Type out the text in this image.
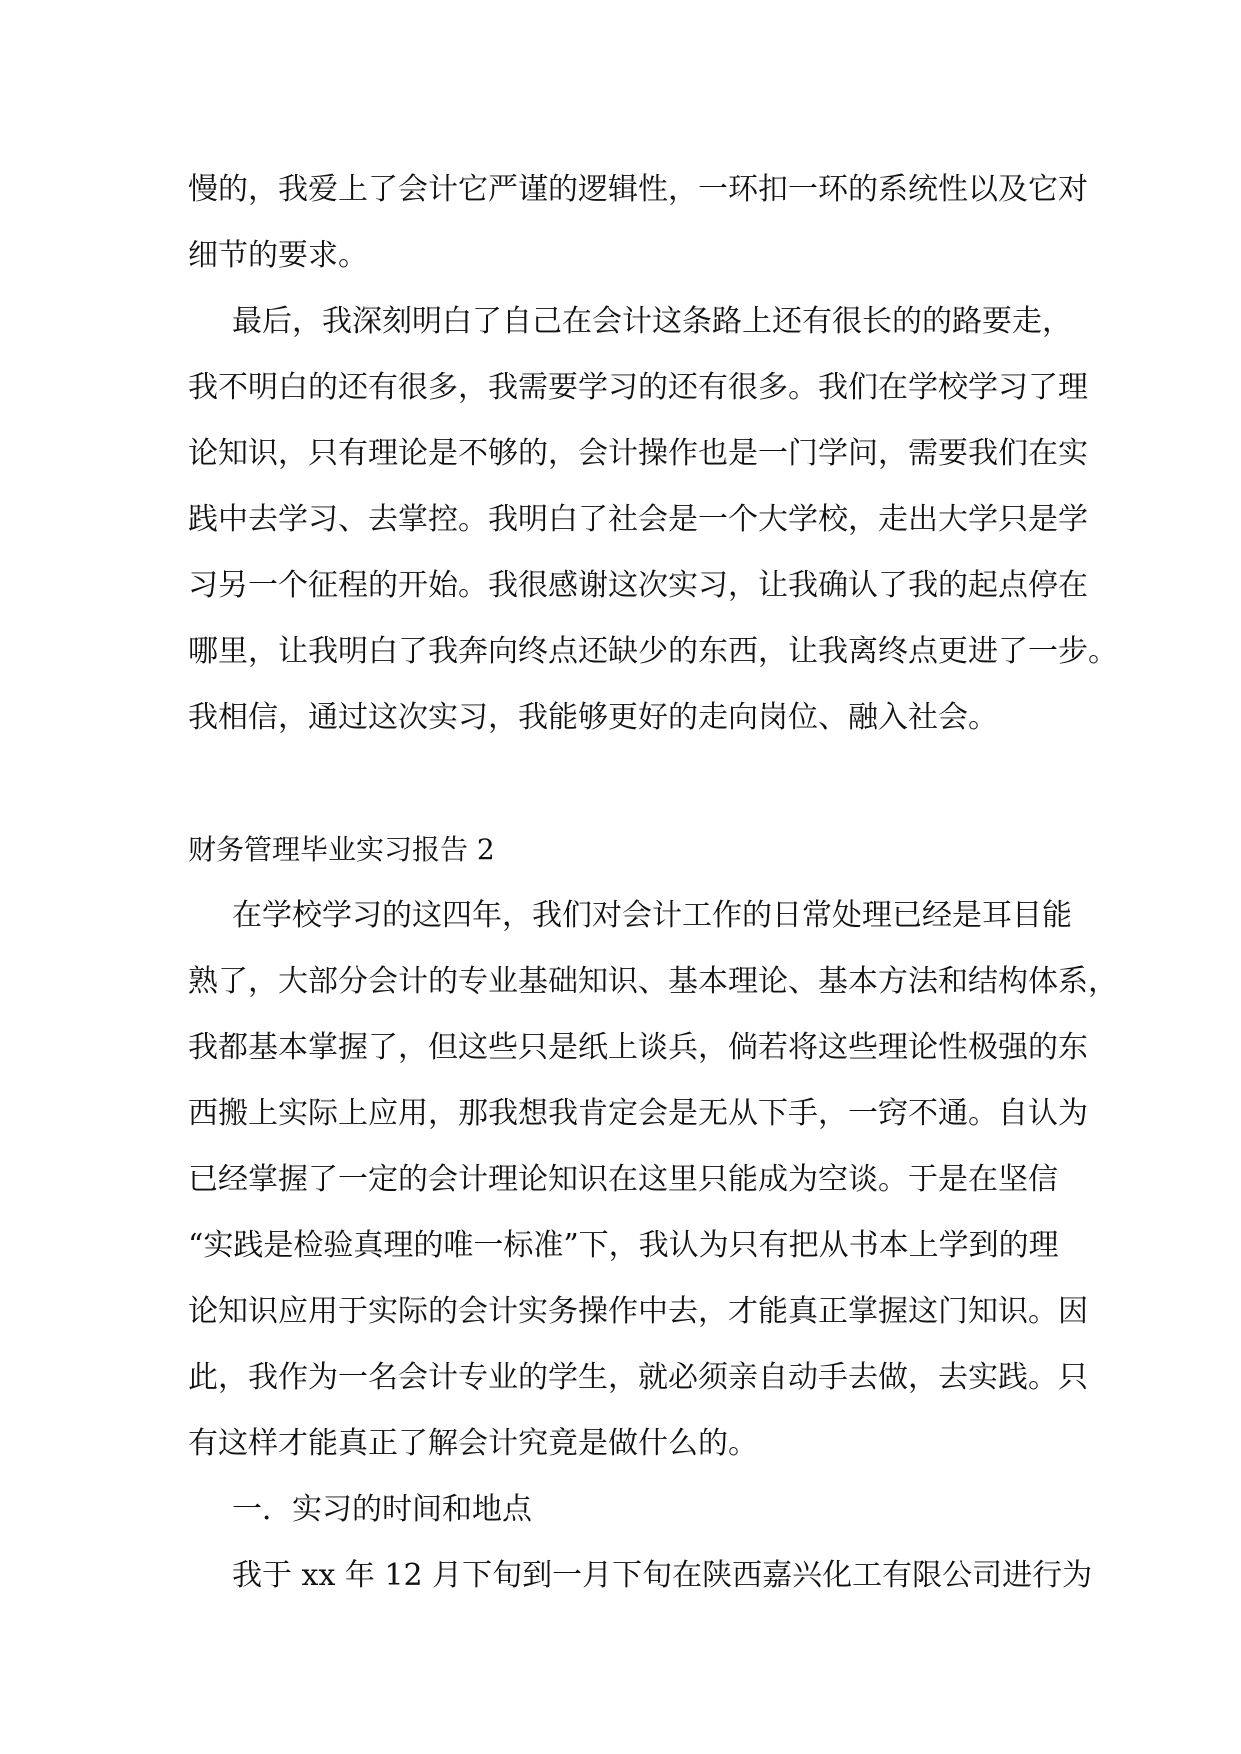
慢的，我爱上了会计它严谨的逻辑性，一环扣一环的系统性以及它对
细节的要求。
最后，我深刻明白了自己在会计这条路上还有很长的的路要走，
我不明白的还有很多，我需要学习的还有很多。我们在学校学习了理
论知识，只有理论是不够的，会计操作也是一门学问，需要我们在实
践中去学习、去掌控。我明白了社会是一个大学校，走出大学只是学
习另一个征程的开始。我很感谢这次实习，让我确认了我的起点停在
哪里，让我明白了我奔向终点还缺少的东西，让我离终点更进了一步。
我相信，通过这次实习，我能够更好的走向岗位、融入社会。
财务管理毕业实习报告 2
在学校学习的这四年，我们对会计工作的日常处理已经是耳目能
熟了，大部分会计的专业基础知识、基本理论、基本方法和结构体系，
我都基本掌握了，但这些只是纸上谈兵，倘若将这些理论性极强的东
西搬上实际上应用，那我想我肯定会是无从下手，一窍不通。自认为
已经掌握了一定的会计理论知识在这里只能成为空谈。于是在坚信
“实践是检验真理的唯一标准”下，我认为只有把从书本上学到的理
论知识应用于实际的会计实务操作中去，才能真正掌握这门知识。因
此，我作为一名会计专业的学生，就必须亲自动手去做，去实践。只
有这样才能真正了解会计究竟是做什么的。
一．实习的时间和地点
我于 xx 年 12 月下旬到一月下旬在陕西嘉兴化工有限公司进行为
